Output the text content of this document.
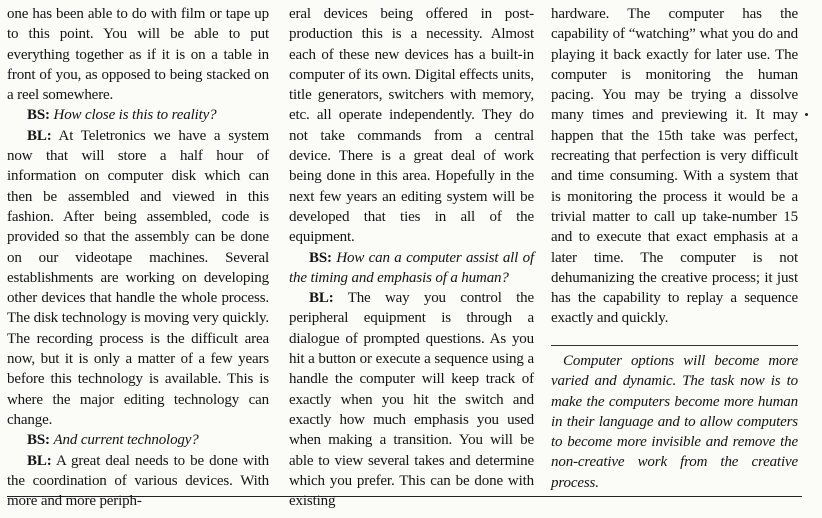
one has been able to do with film or tape up to this point. You will be able to put everything together as if it is on a table in front of you, as opposed to being stacked on a reel somewhere.

BS: How close is this to reality?

BL: At Teletronics we have a system now that will store a half hour of information on computer disk which can then be assembled and viewed in this fashion. After being assembled, code is provided so that the assembly can be done on our videotape machines. Several establishments are working on developing other devices that handle the whole process. The disk technology is moving very quickly. The recording process is the difficult area now, but it is only a matter of a few years before this technology is available. This is where the major editing technology can change.

BS: And current technology?

BL: A great deal needs to be done with the coordination of various devices. With more and more periph-

eral devices being offered in post-production this is a necessity. Almost each of these new devices has a built-in computer of its own. Digital effects units, title generators, switchers with memory, etc. all operate independently. They do not take commands from a central device. There is a great deal of work being done in this area. Hopefully in the next few years an editing system will be developed that ties in all of the equipment.

BS: How can a computer assist all of the timing and emphasis of a human?

BL: The way you control the peripheral equipment is through a dialogue of prompted questions. As you hit a button or execute a sequence using a handle the computer will keep track of exactly when you hit the switch and exactly how much emphasis you used when making a transition. You will be able to view several takes and determine which you prefer. This can be done with existing

hardware. The computer has the capability of “watching” what you do and playing it back exactly for later use. The computer is monitoring the human pacing. You may be trying a dissolve many times and previewing it. It may happen that the 15th take was perfect, recreating that perfection is very difficult and time consuming. With a system that is monitoring the process it would be a trivial matter to call up take-number 15 and to execute that exact emphasis at a later time. The computer is not dehumanizing the creative process; it just has the capability to replay a sequence exactly and quickly.

Computer options will become more varied and dynamic. The task now is to make the computers become more human in their language and to allow computers to become more invisible and remove the non-creative work from the creative process.
